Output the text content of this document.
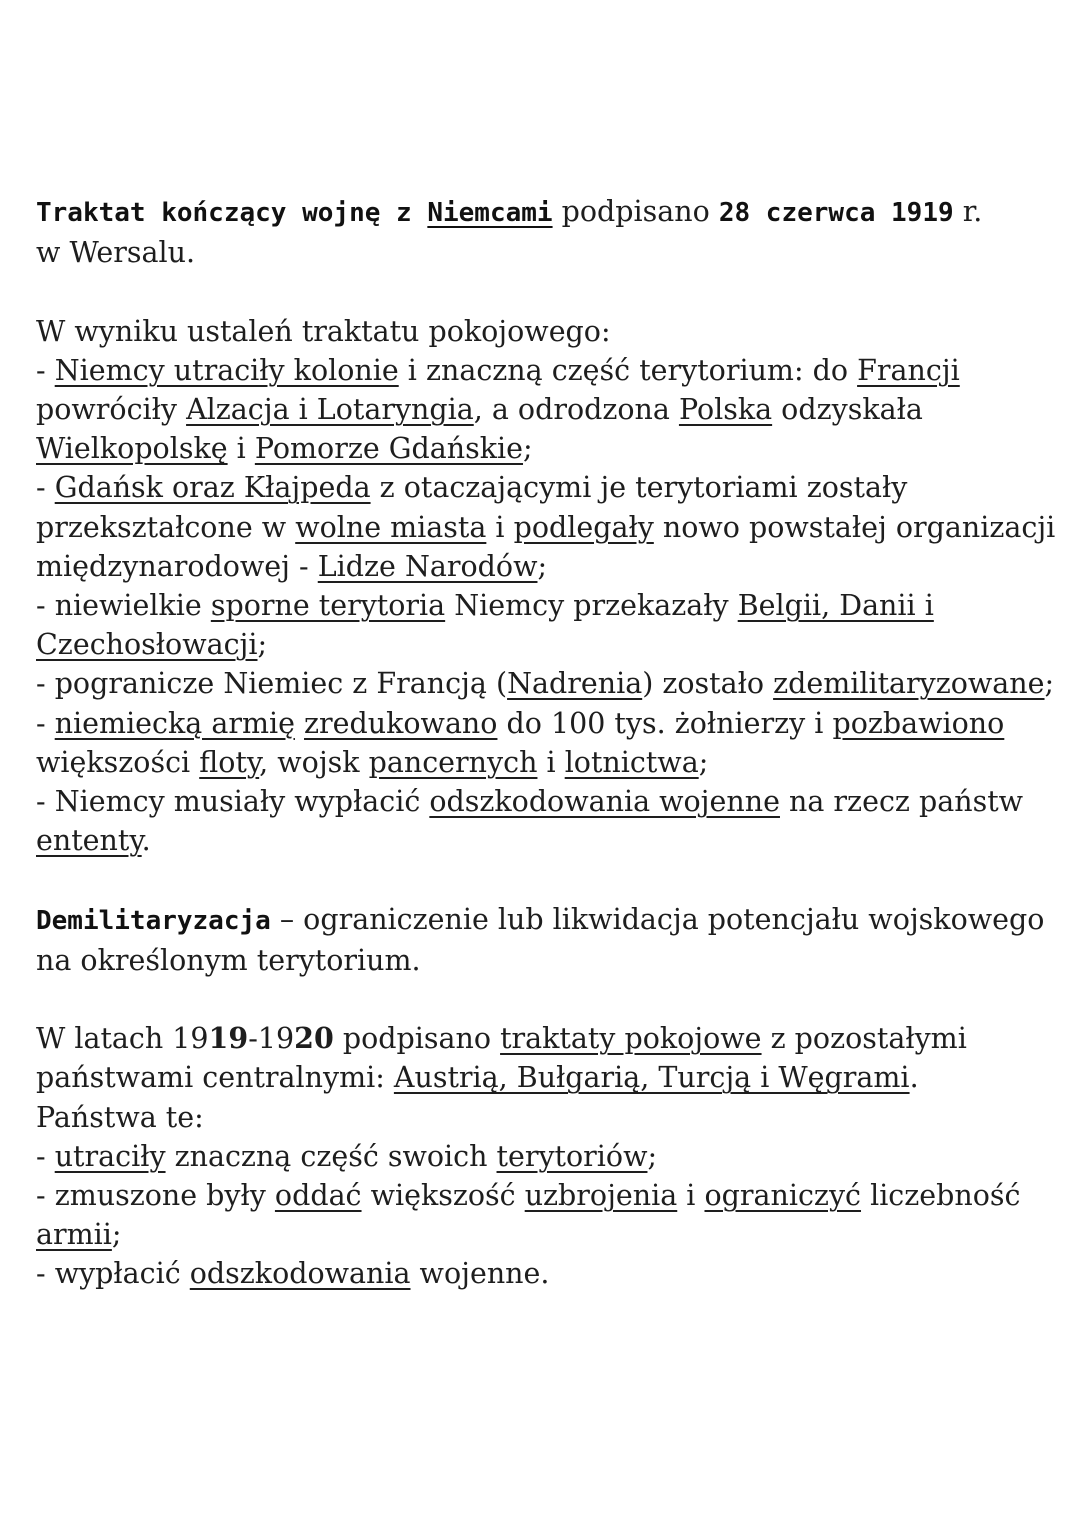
Traktat kończący wojnę z Niemcami podpisano 28 czerwca 1919 r.
w Wersalu.
W wyniku ustaleń traktatu pokojowego:
- Niemcy utraciły kolonie i znaczną część terytorium: do Francji
powróciły Alzacja i Lotaryngia, a odrodzona Polska odzyskała
Wielkopolskę i Pomorze Gdańskie;
- Gdańsk oraz Kłajpeda z otaczającymi je terytoriami zostały
przekształcone w wolne miasta i podlegały nowo powstałej organizacji
międzynarodowej - Lidze Narodów;
- niewielkie sporne terytoria Niemcy przekazały Belgii, Danii i
Czechosłowacji;
- pogranicze Niemiec z Francją (Nadrenia) zostało zdemilitaryzowane;
- niemiecką armię zredukowano do 100 tys. żołnierzy i pozbawiono
większości floty, wojsk pancernych i lotnictwa;
- Niemcy musiały wypłacić odszkodowania wojenne na rzecz państw
ententy.
Demilitaryzacja – ograniczenie lub likwidacja potencjału wojskowego
na określonym terytorium.
W latach 1919-1920 podpisano traktaty pokojowe z pozostałymi
państwami centralnymi: Austrią, Bułgarią, Turcją i Węgrami.
Państwa te:
- utraciły znaczną część swoich terytoriów;
- zmuszone były oddać większość uzbrojenia i ograniczyć liczebność
armii;
- wypłacić odszkodowania wojenne.
